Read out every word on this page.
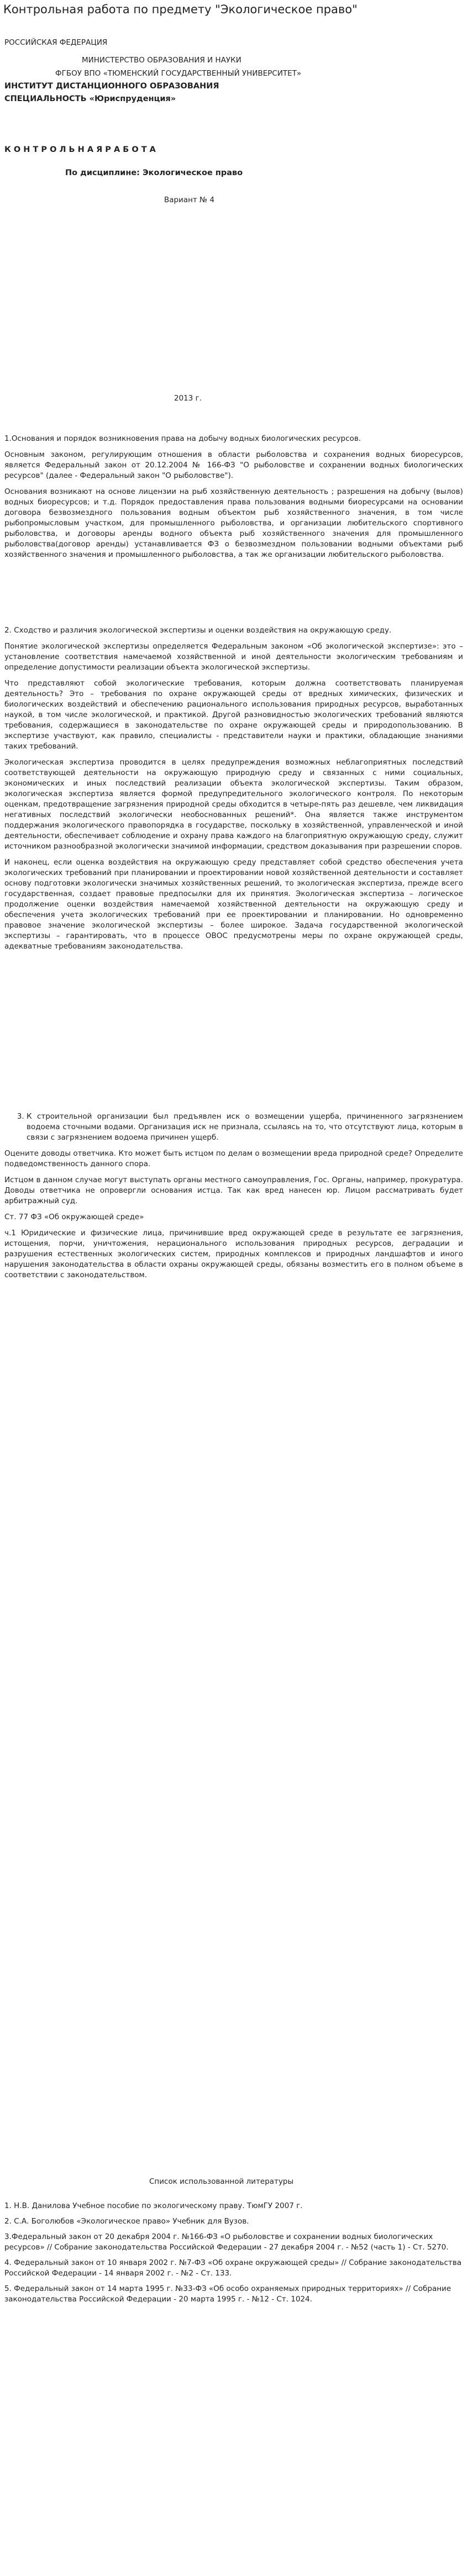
Контрольная работа по предмету "Экологическое право"
РОССИЙСКАЯ ФЕДЕРАЦИЯ
МИНИСТЕРСТВО ОБРАЗОВАНИЯ И НАУКИ
ФГБОУ ВПО «ТЮМЕНСКИЙ ГОСУДАРСТВЕННЫЙ УНИВЕРСИТЕТ»
ИНСТИТУТ ДИСТАНЦИОННОГО ОБРАЗОВАНИЯ
СПЕЦИАЛЬНОСТЬ «Юриспруденция»
К О Н Т Р О Л Ь Н А Я Р А Б О Т А
По дисциплине: Экологическое право
Вариант № 4
2013 г.

1.Основания и порядок возникновения права на добычу водных биологических ресурсов.

Основным законом, регулирующим отношения в области рыболовства и сохранения водных биоресурсов, является Федеральный закон от 20.12.2004 № 166-ФЗ "О рыболовстве и сохранении водных биологических ресурсов" (далее - Федеральный закон "О рыболовстве").

Основания возникают на основе лицензии на рыб хозяйственную деятельность ; разрешения на добычу (вылов) водных биоресурсов; и т.д. Порядок предоставления права пользования водными биоресурсами на основании договора безвозмездного пользования водным объектом рыб хозяйственного значения, в том числе рыбопромысловым участком, для промышленного рыболовства, и организации любительского спортивного рыболовства, и договоры аренды водного объекта рыб хозяйственного значения для промышленного рыболовства(договор аренды) устанавливается ФЗ о безвозмездном пользовании водными объектами рыб хозяйственного значения и промышленного рыболовства, а так же организации любительского рыболовства.

2. Сходство и различия экологической экспертизы и оценки воздействия на окружающую среду.

Понятие экологической экспертизы определяется Федеральным законом «Об экологической экспертизе»: это – установление соответствия намечаемой хозяйственной и иной деятельности экологическим требованиям и определение допустимости реализации объекта экологической экспертизы.

Что представляют собой экологические требования, которым должна соответствовать планируемая деятельность? Это – требования по охране окружающей среды от вредных химических, физических и биологических воздействий и обеспечению рационального использования природных ресурсов, выработанных наукой, в том числе экологической, и практикой. Другой разновидностью экологических требований являются требования, содержащиеся в законодательстве по охране окружающей среды и природопользованию. В экспертизе участвуют, как правило, специалисты - представители науки и практики, обладающие знаниями таких требований.

Экологическая экспертиза проводится в целях предупреждения возможных неблагоприятных последствий соответствующей деятельности на окружающую природную среду и связанных с ними социальных, экономических и иных последствий реализации объекта экологической экспертизы. Таким образом, экологическая экспертиза является формой предупредительного экологического контроля. По некоторым оценкам, предотвращение загрязнения природной среды обходится в четыре-пять раз дешевле, чем ликвидация негативных последствий экологически необоснованных решений*. Она является также инструментом поддержания экологического правопорядка в государстве, поскольку в хозяйственной, управленческой и иной деятельности, обеспечивает соблюдение и охрану права каждого на благоприятную окружающую среду, служит источником разнообразной экологически значимой информации, средством доказывания при разрешении споров.

И наконец, если оценка воздействия на окружающую среду представляет собой средство обеспечения учета экологических требований при планировании и проектировании новой хозяйственной деятельности и составляет основу подготовки экологически значимых хозяйственных решений, то экологическая экспертиза, прежде всего государственная, создает правовые предпосылки для их принятия. Экологическая экспертиза – логическое продолжение оценки воздействия намечаемой хозяйственной деятельности на окружающую среду и обеспечения учета экологических требований при ее проектировании и планировании. Но одновременно правовое значение экологической экспертизы – более широкое. Задача государственной экологической экспертизы – гарантировать, что в процессе ОВОС предусмотрены меры по охране окружающей среды, адекватные требованиям законодательства.

3. К строительной организации был предъявлен иск о возмещении ущерба, причиненного загрязнением водоема сточными водами. Организация иск не признала, ссылаясь на то, что отсутствуют лица, которым в связи с загрязнением водоема причинен ущерб.

Оцените доводы ответчика. Кто может быть истцом по делам о возмещении вреда природной среде? Определите подведомственность данного спора.

Истцом в данном случае могут выступать органы местного самоуправления, Гос. Органы, например, прокуратура. Доводы ответчика не опровергли основания истца. Так как вред нанесен юр. Лицом рассматривать будет арбитражный суд.

Ст. 77 ФЗ «Об окружающей среде»

ч.1 Юридические и физические лица, причинившие вред окружающей среде в результате ее загрязнения, истощения, порчи, уничтожения, нерационального использования природных ресурсов, деградации и разрушения естественных экологических систем, природных комплексов и природных ландшафтов и иного нарушения законодательства в области охраны окружающей среды, обязаны возместить его в полном объеме в соответствии с законодательством.

Список использованной литературы

1. Н.В. Данилова Учебное пособие по экологическому праву. ТюмГУ 2007 г.

2. С.А. Боголюбов «Экологическое право» Учебник для Вузов.

3.Федеральный закон от 20 декабря 2004 г. №166-ФЗ «О рыболовстве и сохранении водных биологических ресурсов» // Собрание законодательства Российской Федерации - 27 декабря 2004 г. - №52 (часть 1) - Ст. 5270.

4. Федеральный закон от 10 января 2002 г. №7-ФЗ «Об охране окружающей среды» // Собрание законодательства Российской Федерации - 14 января 2002 г. - №2 - Ст. 133.

5. Федеральный закон от 14 марта 1995 г. №33-ФЗ «Об особо охраняемых природных территориях» // Собрание законодательства Российской Федерации - 20 марта 1995 г. - №12 - Ст. 1024.
